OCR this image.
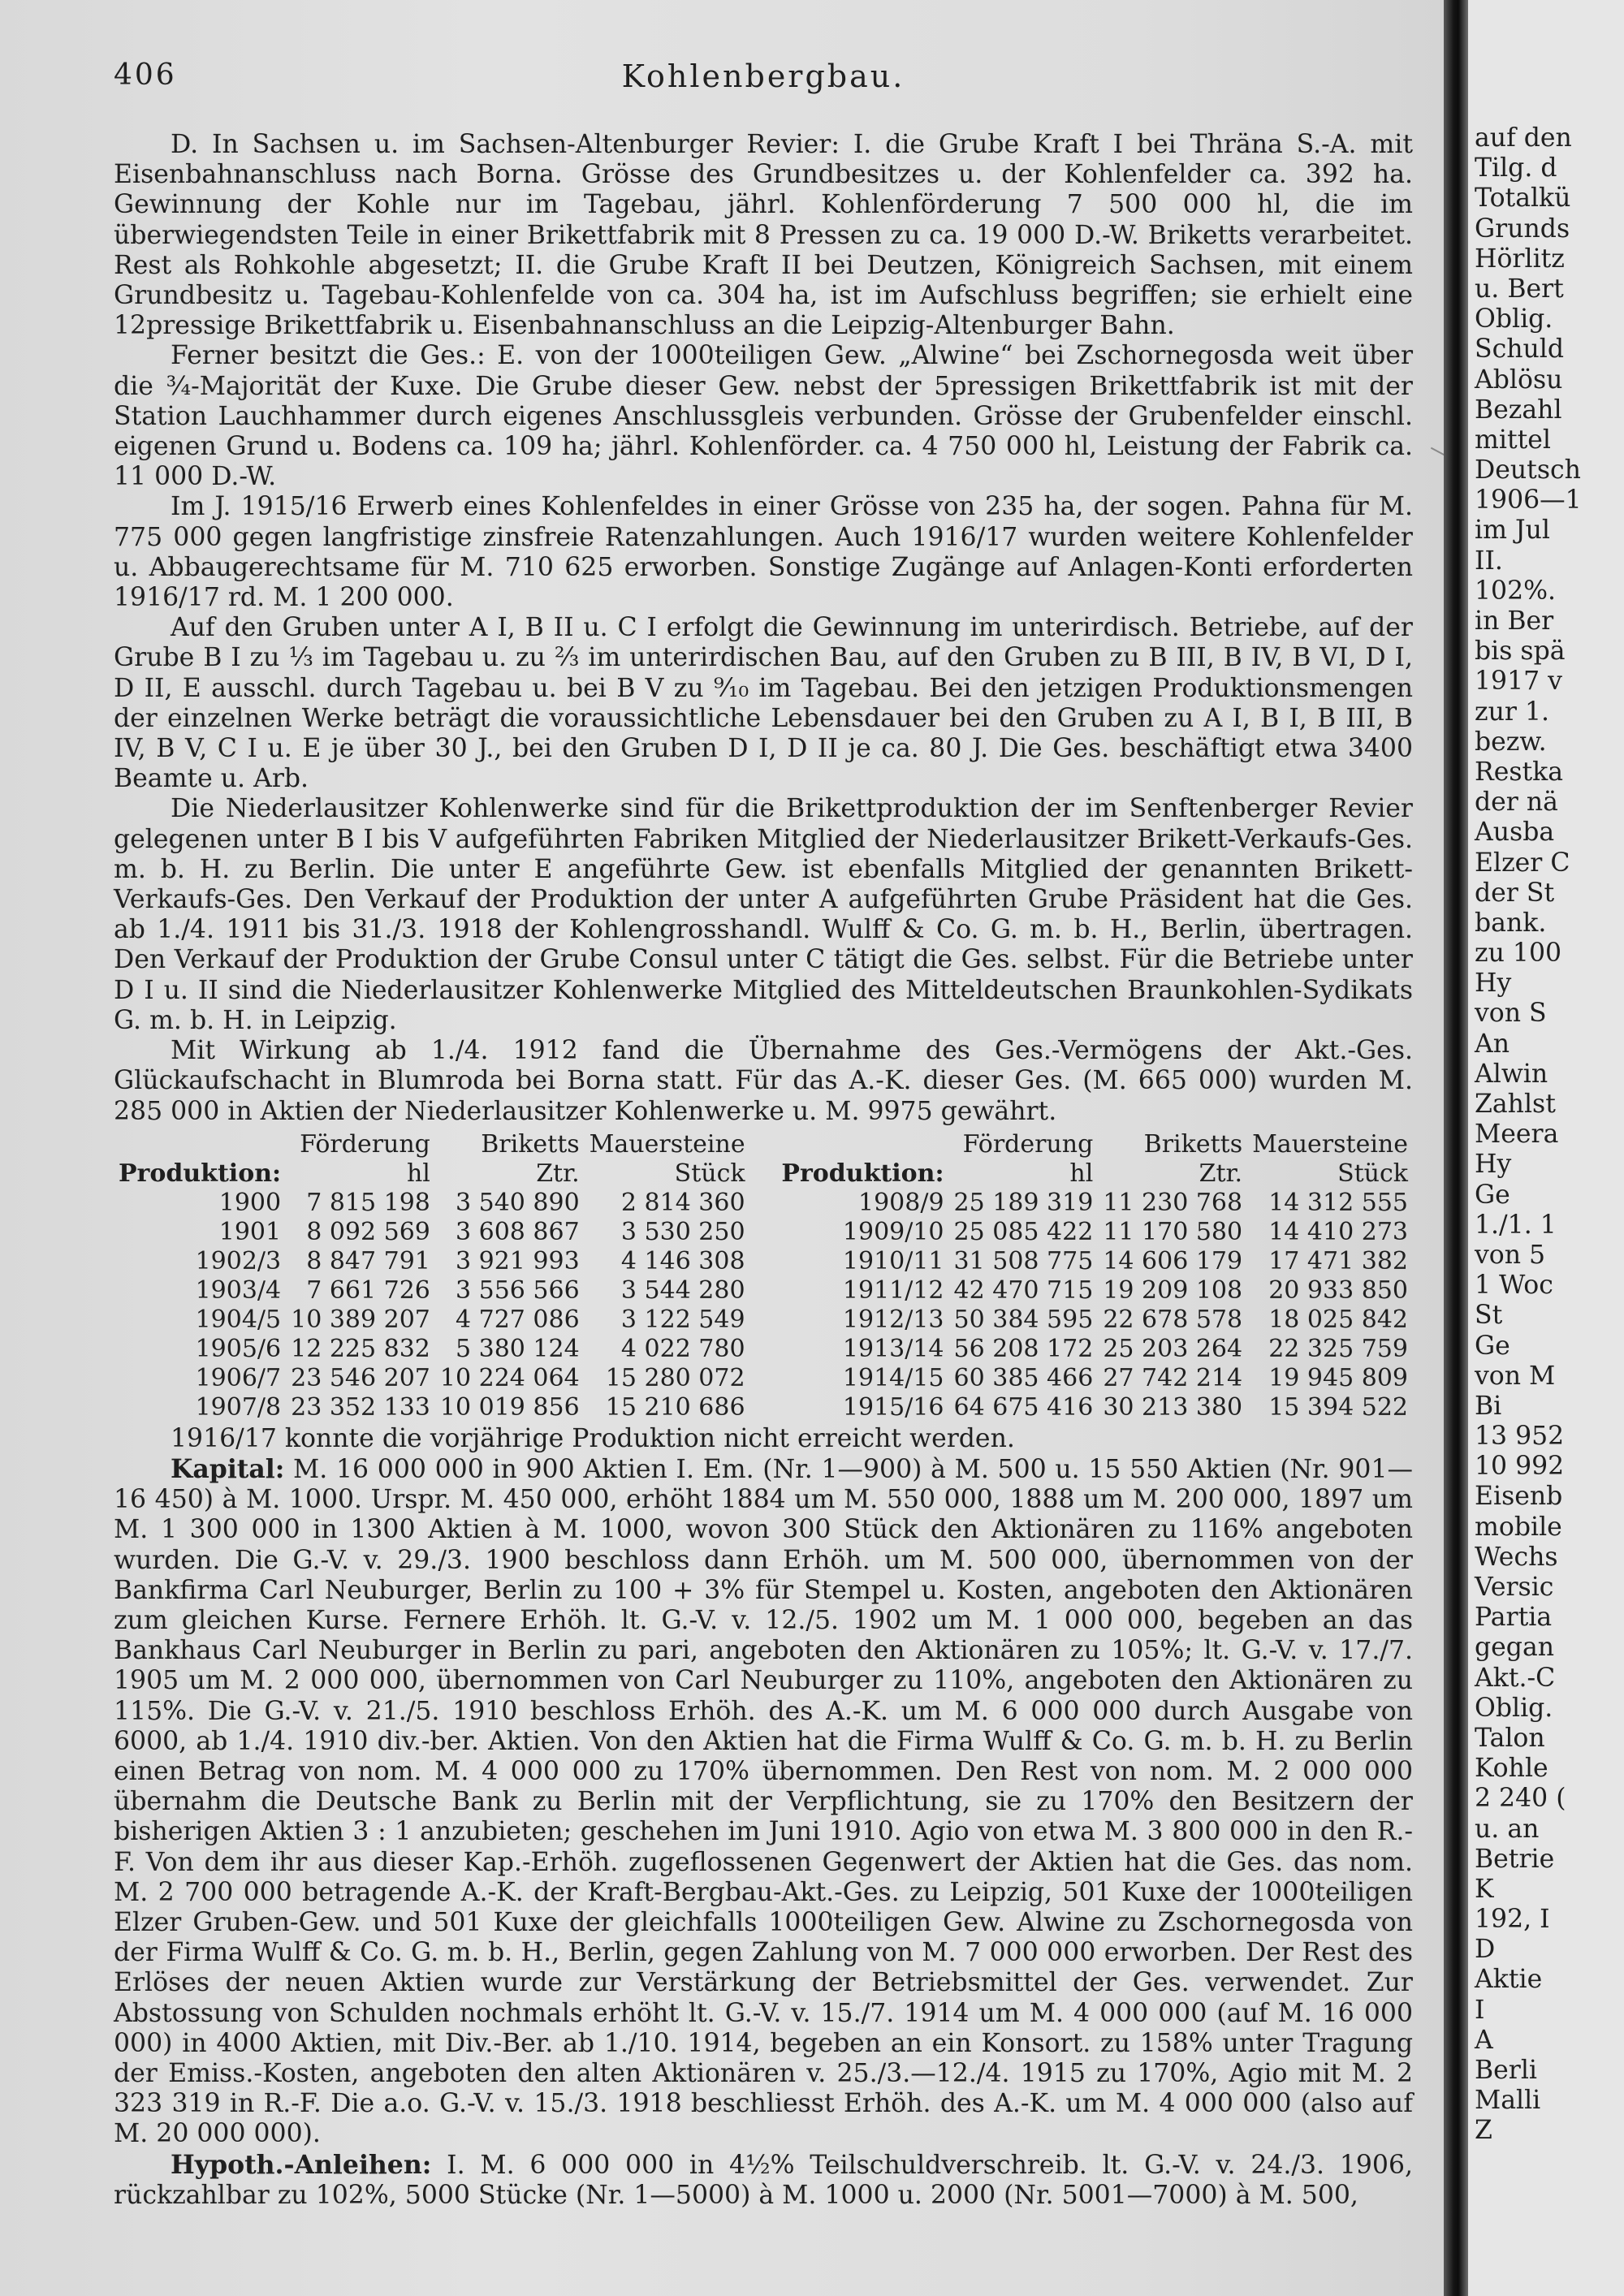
406	Kohlenbergbau.

D. In Sachsen u. im Sachsen-Altenburger Revier: I. die Grube Kraft I bei Thräna S.-A. mit Eisenbahnanschluss nach Borna. Grösse des Grundbesitzes u. der Kohlenfelder ca. 392 ha. Gewinnung der Kohle nur im Tagebau, jährl. Kohlenförderung 7 500 000 hl, die im überwiegendsten Teile in einer Brikettfabrik mit 8 Pressen zu ca. 19 000 D.-W. Briketts verarbeitet. Rest als Rohkohle abgesetzt; II. die Grube Kraft II bei Deutzen, Königreich Sachsen, mit einem Grundbesitz u. Tagebau-Kohlenfelde von ca. 304 ha, ist im Aufschluss begriffen; sie erhielt eine 12pressige Brikettfabrik u. Eisenbahnanschluss an die Leipzig-Altenburger Bahn.

Ferner besitzt die Ges.: E. von der 1000teiligen Gew. „Alwine“ bei Zschornegosda weit über die ¾-Majorität der Kuxe. Die Grube dieser Gew. nebst der 5pressigen Brikettfabrik ist mit der Station Lauchhammer durch eigenes Anschlussgleis verbunden. Grösse der Grubenfelder einschl. eigenen Grund u. Bodens ca. 109 ha; jährl. Kohlenförder. ca. 4 750 000 hl, Leistung der Fabrik ca. 11 000 D.-W.

Im J. 1915/16 Erwerb eines Kohlenfeldes in einer Grösse von 235 ha, der sogen. Pahna für M. 775 000 gegen langfristige zinsfreie Ratenzahlungen. Auch 1916/17 wurden weitere Kohlenfelder u. Abbaugerechtsame für M. 710 625 erworben. Sonstige Zugänge auf Anlagen-Konti erforderten 1916/17 rd. M. 1 200 000.

Auf den Gruben unter A I, B II u. C I erfolgt die Gewinnung im unterirdisch. Betriebe, auf der Grube B I zu ⅓ im Tagebau u. zu ⅔ im unterirdischen Bau, auf den Gruben zu B III, B IV, B VI, D I, D II, E ausschl. durch Tagebau u. bei B V zu ⁹⁄₁₀ im Tagebau. Bei den jetzigen Produktionsmengen der einzelnen Werke beträgt die voraussichtliche Lebensdauer bei den Gruben zu A I, B I, B III, B IV, B V, C I u. E je über 30 J., bei den Gruben D I, D II je ca. 80 J. Die Ges. beschäftigt etwa 3400 Beamte u. Arb.

Die Niederlausitzer Kohlenwerke sind für die Brikettproduktion der im Senftenberger Revier gelegenen unter B I bis V aufgeführten Fabriken Mitglied der Niederlausitzer Brikett-Verkaufs-Ges. m. b. H. zu Berlin. Die unter E angeführte Gew. ist ebenfalls Mitglied der genannten Brikett-Verkaufs-Ges. Den Verkauf der Produktion der unter A aufgeführten Grube Präsident hat die Ges. ab 1./4. 1911 bis 31./3. 1918 der Kohlengrosshandl. Wulff & Co. G. m. b. H., Berlin, übertragen. Den Verkauf der Produktion der Grube Consul unter C tätigt die Ges. selbst. Für die Betriebe unter D I u. II sind die Niederlausitzer Kohlenwerke Mitglied des Mitteldeutschen Braunkohlen-Sydikats G. m. b. H. in Leipzig.

Mit Wirkung ab 1./4. 1912 fand die Übernahme des Ges.-Vermögens der Akt.-Ges. Glückaufschacht in Blumroda bei Borna statt. Für das A.-K. dieser Ges. (M. 665 000) wurden M. 285 000 in Aktien der Niederlausitzer Kohlenwerke u. M. 9975 gewährt.

	Förderung	Briketts	Mauersteine			Förderung	Briketts	Mauersteine
Produktion:	hl	Ztr.	Stück		Produktion:	hl	Ztr.	Stück
1900	7 815 198	3 540 890	2 814 360		1908/9	25 189 319	11 230 768	14 312 555
1901	8 092 569	3 608 867	3 530 250		1909/10	25 085 422	11 170 580	14 410 273
1902/3	8 847 791	3 921 993	4 146 308		1910/11	31 508 775	14 606 179	17 471 382
1903/4	7 661 726	3 556 566	3 544 280		1911/12	42 470 715	19 209 108	20 933 850
1904/5	10 389 207	4 727 086	3 122 549		1912/13	50 384 595	22 678 578	18 025 842
1905/6	12 225 832	5 380 124	4 022 780		1913/14	56 208 172	25 203 264	22 325 759
1906/7	23 546 207	10 224 064	15 280 072		1914/15	60 385 466	27 742 214	19 945 809
1907/8	23 352 133	10 019 856	15 210 686		1915/16	64 675 416	30 213 380	15 394 522

1916/17 konnte die vorjährige Produktion nicht erreicht werden.

Kapital: M. 16 000 000 in 900 Aktien I. Em. (Nr. 1—900) à M. 500 u. 15 550 Aktien (Nr. 901—16 450) à M. 1000. Urspr. M. 450 000, erhöht 1884 um M. 550 000, 1888 um M. 200 000, 1897 um M. 1 300 000 in 1300 Aktien à M. 1000, wovon 300 Stück den Aktionären zu 116% angeboten wurden. Die G.-V. v. 29./3. 1900 beschloss dann Erhöh. um M. 500 000, übernommen von der Bankfirma Carl Neuburger, Berlin zu 100 + 3% für Stempel u. Kosten, angeboten den Aktionären zum gleichen Kurse. Fernere Erhöh. lt. G.-V. v. 12./5. 1902 um M. 1 000 000, begeben an das Bankhaus Carl Neuburger in Berlin zu pari, angeboten den Aktionären zu 105%; lt. G.-V. v. 17./7. 1905 um M. 2 000 000, übernommen von Carl Neuburger zu 110%, angeboten den Aktionären zu 115%. Die G.-V. v. 21./5. 1910 beschloss Erhöh. des A.-K. um M. 6 000 000 durch Ausgabe von 6000, ab 1./4. 1910 div.-ber. Aktien. Von den Aktien hat die Firma Wulff & Co. G. m. b. H. zu Berlin einen Betrag von nom. M. 4 000 000 zu 170% übernommen. Den Rest von nom. M. 2 000 000 übernahm die Deutsche Bank zu Berlin mit der Verpflichtung, sie zu 170% den Besitzern der bisherigen Aktien 3 : 1 anzubieten; geschehen im Juni 1910. Agio von etwa M. 3 800 000 in den R.-F. Von dem ihr aus dieser Kap.-Erhöh. zugeflossenen Gegenwert der Aktien hat die Ges. das nom. M. 2 700 000 betragende A.-K. der Kraft-Bergbau-Akt.-Ges. zu Leipzig, 501 Kuxe der 1000teiligen Elzer Gruben-Gew. und 501 Kuxe der gleichfalls 1000teiligen Gew. Alwine zu Zschornegosda von der Firma Wulff & Co. G. m. b. H., Berlin, gegen Zahlung von M. 7 000 000 erworben. Der Rest des Erlöses der neuen Aktien wurde zur Verstärkung der Betriebsmittel der Ges. verwendet. Zur Abstossung von Schulden nochmals erhöht lt. G.-V. v. 15./7. 1914 um M. 4 000 000 (auf M. 16 000 000) in 4000 Aktien, mit Div.-Ber. ab 1./10. 1914, begeben an ein Konsort. zu 158% unter Tragung der Emiss.-Kosten, angeboten den alten Aktionären v. 25./3.—12./4. 1915 zu 170%, Agio mit M. 2 323 319 in R.-F. Die a.o. G.-V. v. 15./3. 1918 beschliesst Erhöh. des A.-K. um M. 4 000 000 (also auf M. 20 000 000).

Hypoth.-Anleihen: I. M. 6 000 000 in 4½% Teilschuldverschreib. lt. G.-V. v. 24./3. 1906, rückzahlbar zu 102%, 5000 Stücke (Nr. 1—5000) à M. 1000 u. 2000 (Nr. 5001—7000) à M. 500,

auf den
Tilg. d
Totalkü
Grunds
Hörlitz
u. Bert
Oblig.
Schuld
Ablösu
Bezahl
mittel
Deutsch
1906—1
im Jul
II.
102%.
in Ber
bis spä
1917 v
zur 1.
bezw.
Restka
der nä
Ausba
Elzer C
der St
bank.
zu 100
Hy
von S
An
Alwin
Zahlst
Meera
Hy
Ge
1./1. 1
von 5
1 Woc
St
Ge
von M
Bi
13 952
10 992
Eisenb
mobile
Wechs
Versic
Partia
gegan
Akt.-C
Oblig.
Talon
Kohle
2 240 (
u. an
Betrie
K
192, I
D
Aktie
I
A
Berli
Malli
Z
